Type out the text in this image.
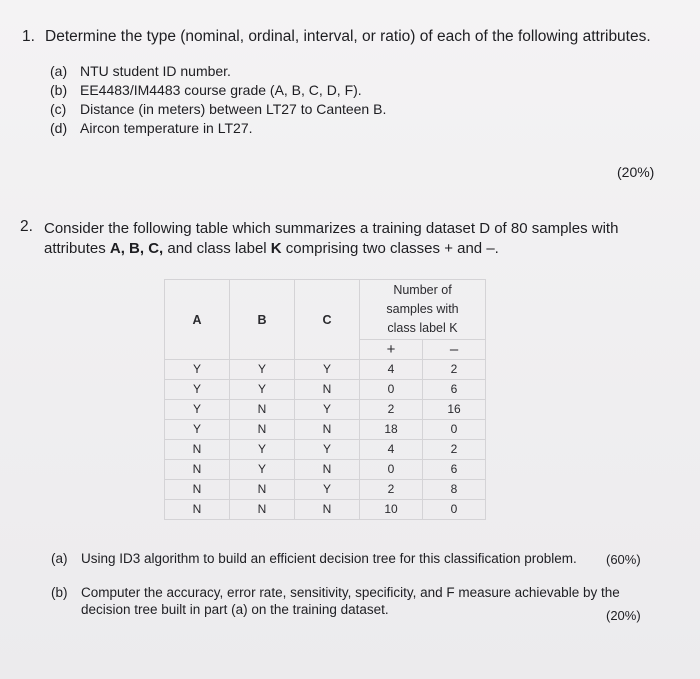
1. Determine the type (nominal, ordinal, interval, or ratio) of each of the following attributes.
(a) NTU student ID number.
(b) EE4483/IM4483 course grade (A, B, C, D, F).
(c) Distance (in meters) between LT27 to Canteen B.
(d) Aircon temperature in LT27.
(20%)
2. Consider the following table which summarizes a training dataset D of 80 samples with
attributes A, B, C, and class label K comprising two classes + and –.
A	B	C	Number of
samples with
class label K	

			+	–
Y	Y	Y	4	2
Y	Y	N	0	6
Y	N	Y	2	16
Y	N	N	18	0
N	Y	Y	4	2
N	Y	N	0	6
N	N	Y	2	8
N	N	N	10	0
(a) Using ID3 algorithm to build an efficient decision tree for this classification problem. (60%)
(b) Computer the accuracy, error rate, sensitivity, specificity, and F measure achievable by the
decision tree built in part (a) on the training dataset.	(20%)
